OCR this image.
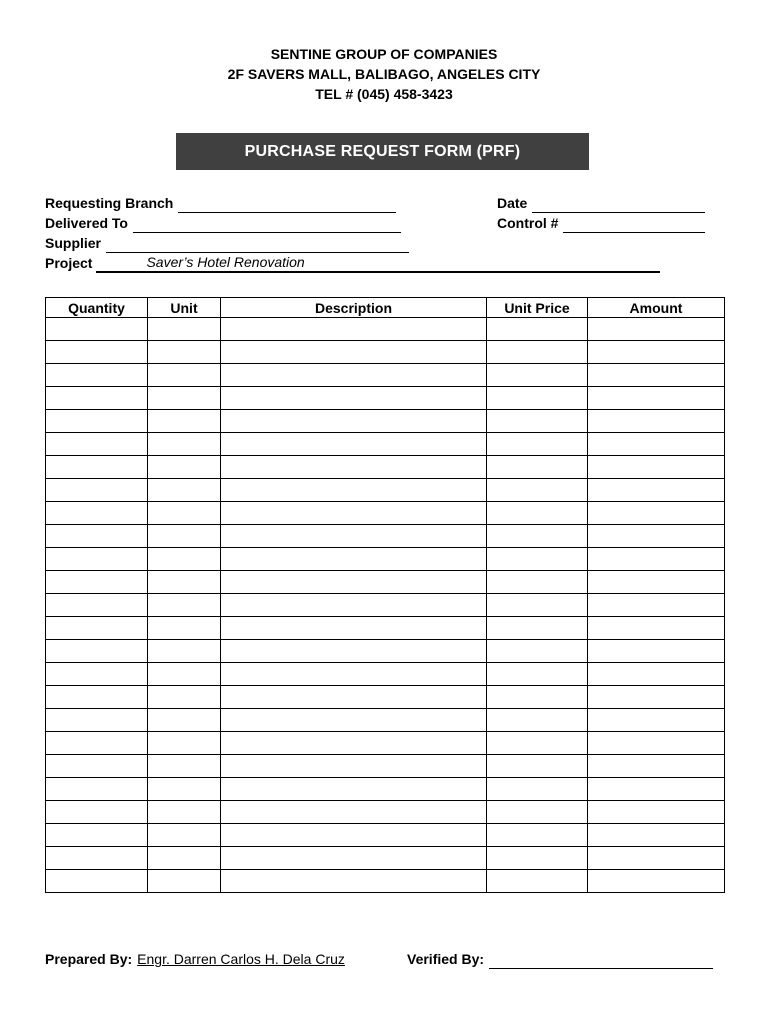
SENTINE GROUP OF COMPANIES
2F SAVERS MALL, BALIBAGO, ANGELES CITY
TEL # (045) 458-3423
PURCHASE REQUEST FORM (PRF)
Requesting Branch	Date
Delivered To	Control #
Supplier
Project	Saver’s Hotel Renovation
Quantity	Unit	Description	Unit Price	Amount

Prepared By: Engr. Darren Carlos H. Dela Cruz	Verified By:
